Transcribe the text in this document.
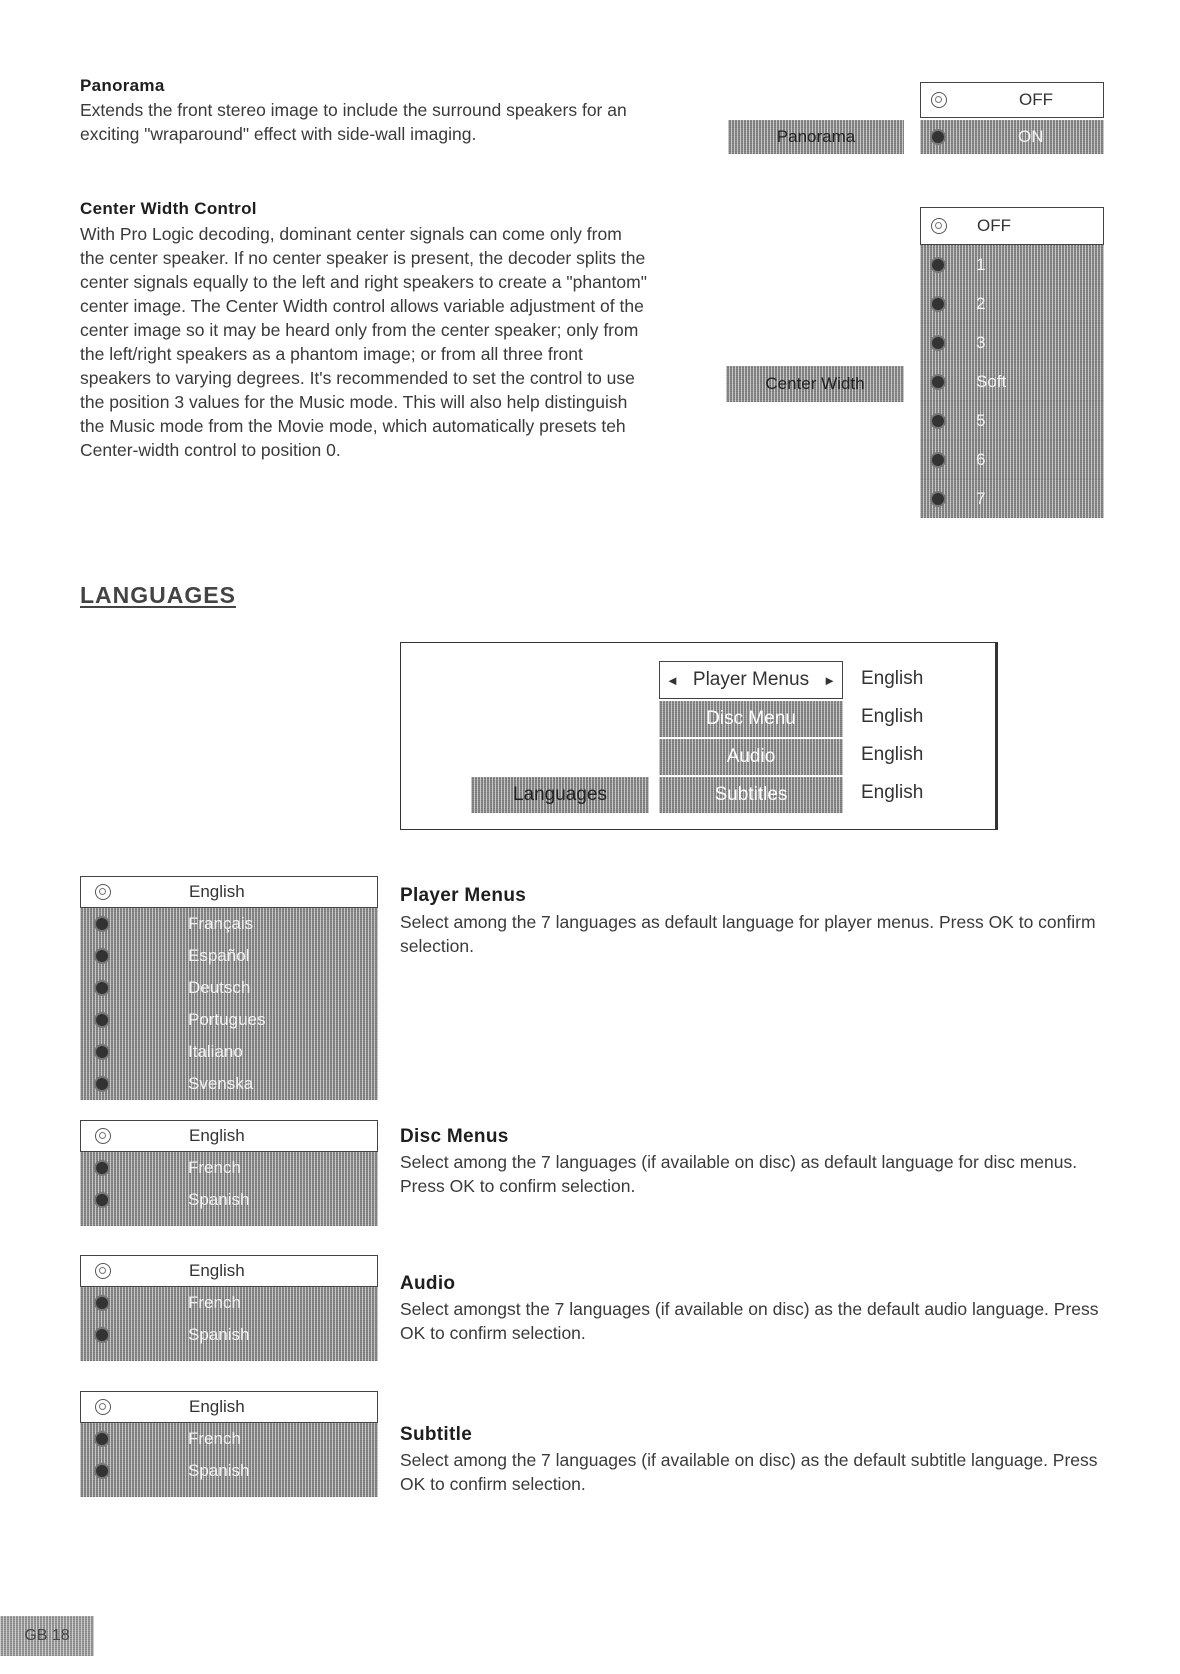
Panorama
Extends the front stereo image to include the surround speakers for an exciting "wraparound" effect with side-wall imaging.	Panorama
OFF
ON
Center Width Control
With Pro Logic decoding, dominant center signals can come only from the center speaker. If no center speaker is present, the decoder splits the center signals equally to the left and right speakers to create a "phantom" center image. The Center Width control allows variable adjustment of the center image so it may be heard only from the center speaker; only from the left/right speakers as a phantom image; or from all three front speakers to varying degrees. It's recommended to set the control to use the position 3 values for the Music mode. This will also help distinguish the Music mode from the Movie mode, which automatically presets teh Center-width control to position 0.
Center Width
OFF
1
2
3
Soft
5
6
7
LANGUAGES
Languages
◄ Player Menus ►
Disc Menu
Audio
Subtitles
English
English
English
English
English
Français
Español
Deutsch
Portugues
Italiano
Svenska
Player Menus
Select among the 7 languages as default language for player menus. Press OK to confirm selection.
English
French
Spanish
Disc Menus
Select among the 7 languages (if available on disc) as default language for disc menus. Press OK to confirm selection.
English
French
Spanish
Audio
Select amongst the 7 languages (if available on disc) as the default audio language. Press OK to confirm selection.
English
French
Spanish
Subtitle
Select among the 7 languages (if available on disc) as the default subtitle language. Press OK to confirm selection.
GB 18
